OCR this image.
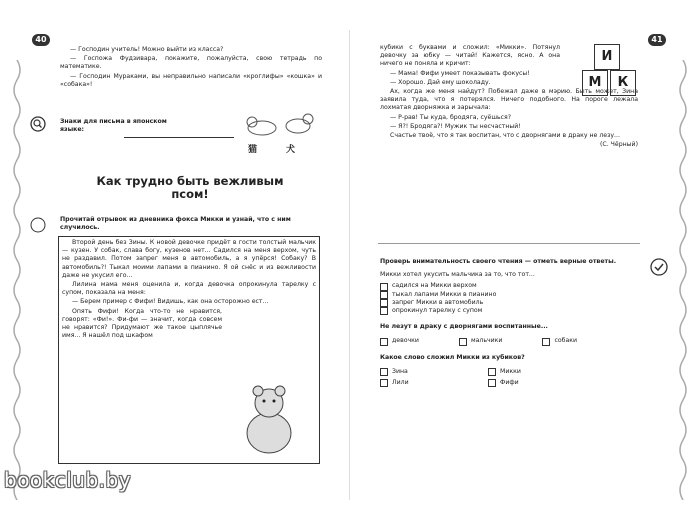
40

— Господин учитель! Можно выйти из класса?

— Госпожа Фудзивара, покажите, пожалуйста, свою тетрадь по математике.

— Господин Мураками, вы неправильно написали «кроглифы» «кошка» и «собака»!

Знаки для письма в японском языке:
猫	犬
Как трудно быть вежливым псом!
Прочитай отрывок из дневника фокса Микки и узнай, что с ним случилось.

Второй день без Зины. К новой девочке придёт в гости толстый мальчик — кузен. У собак, слава богу, кузенов нет... Садился на меня верхом, чуть не раздавил. Потом запрег меня в автомобиль, а я упёрся! Собаку? В автомобиль?! Тыкал моими лапами в пианино. Я ой снёс и из вежливости даже не укусил его...

Лилина мама меня оценила и, когда девочка опрокинула тарелку с супом, показала на меня:

— Берем пример с Фифи! Видишь, как она осторожно ест...

Опять Фифи! Когда что-то не нравится, говорят: «Фи!». Фи-фи — значит, когда совсем не нравится? Придумают же такое цыплячье имя... Я нашёл под шкафом

41

кубики с буквами и сложил: «Микки». Потянул девочку за юбку — читай! Кажется, ясно. А она ничего не поняла и кричит:

— Мама! Фифи умеет показывать фокусы!

— Хорошо. Дай ему шоколаду.

Ах, когда же меня найдут? Побежал даже в мэрию. Быть может, Зина заявила туда, что я потерялся. Ничего подобного. На пороге лежала лохматая дворняжка и зарычала:

— Р-рав! Ты куда, бродяга, суёшься?

— Я?! Бродяга?! Мужик ты несчастный!

Счастье твоё, что я так воспитан, что с дворнягами в драку не лезу...

(С. Чёрный)
И
М	К
Проверь внимательность своего чтения — отметь верные ответы.
Микки хотел укусить мальчика за то, что тот...
садился на Микки верхом
тыкал лапами Микки в пианино
запрег Микки в автомобиль
опрокинул тарелку с супом
Не лезут в драку с дворнягами воспитанные...
девочки	мальчики	собаки
Какое слово сложил Микки из кубиков?
Зина	Микки
Лили	Фифи
bookclub.by
